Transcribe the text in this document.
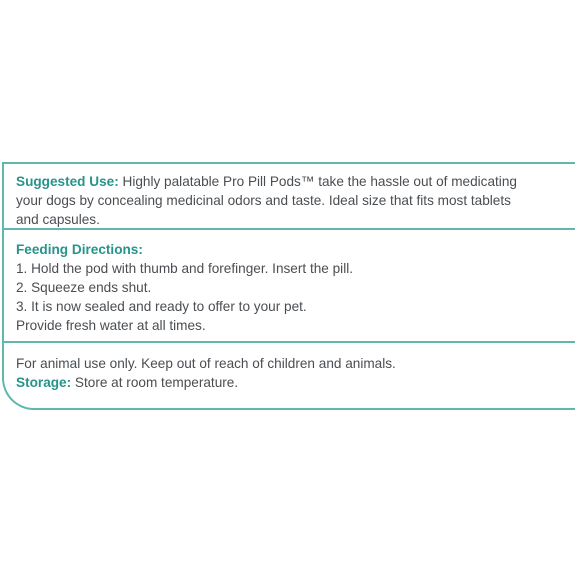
Suggested Use: Highly palatable Pro Pill Pods™ take the hassle out of medicating
your dogs by concealing medicinal odors and taste. Ideal size that fits most tablets
and capsules.

Feeding Directions:
1. Hold the pod with thumb and forefinger. Insert the pill.
2. Squeeze ends shut.
3. It is now sealed and ready to offer to your pet.
Provide fresh water at all times.
For animal use only. Keep out of reach of children and animals.
Storage: Store at room temperature.
